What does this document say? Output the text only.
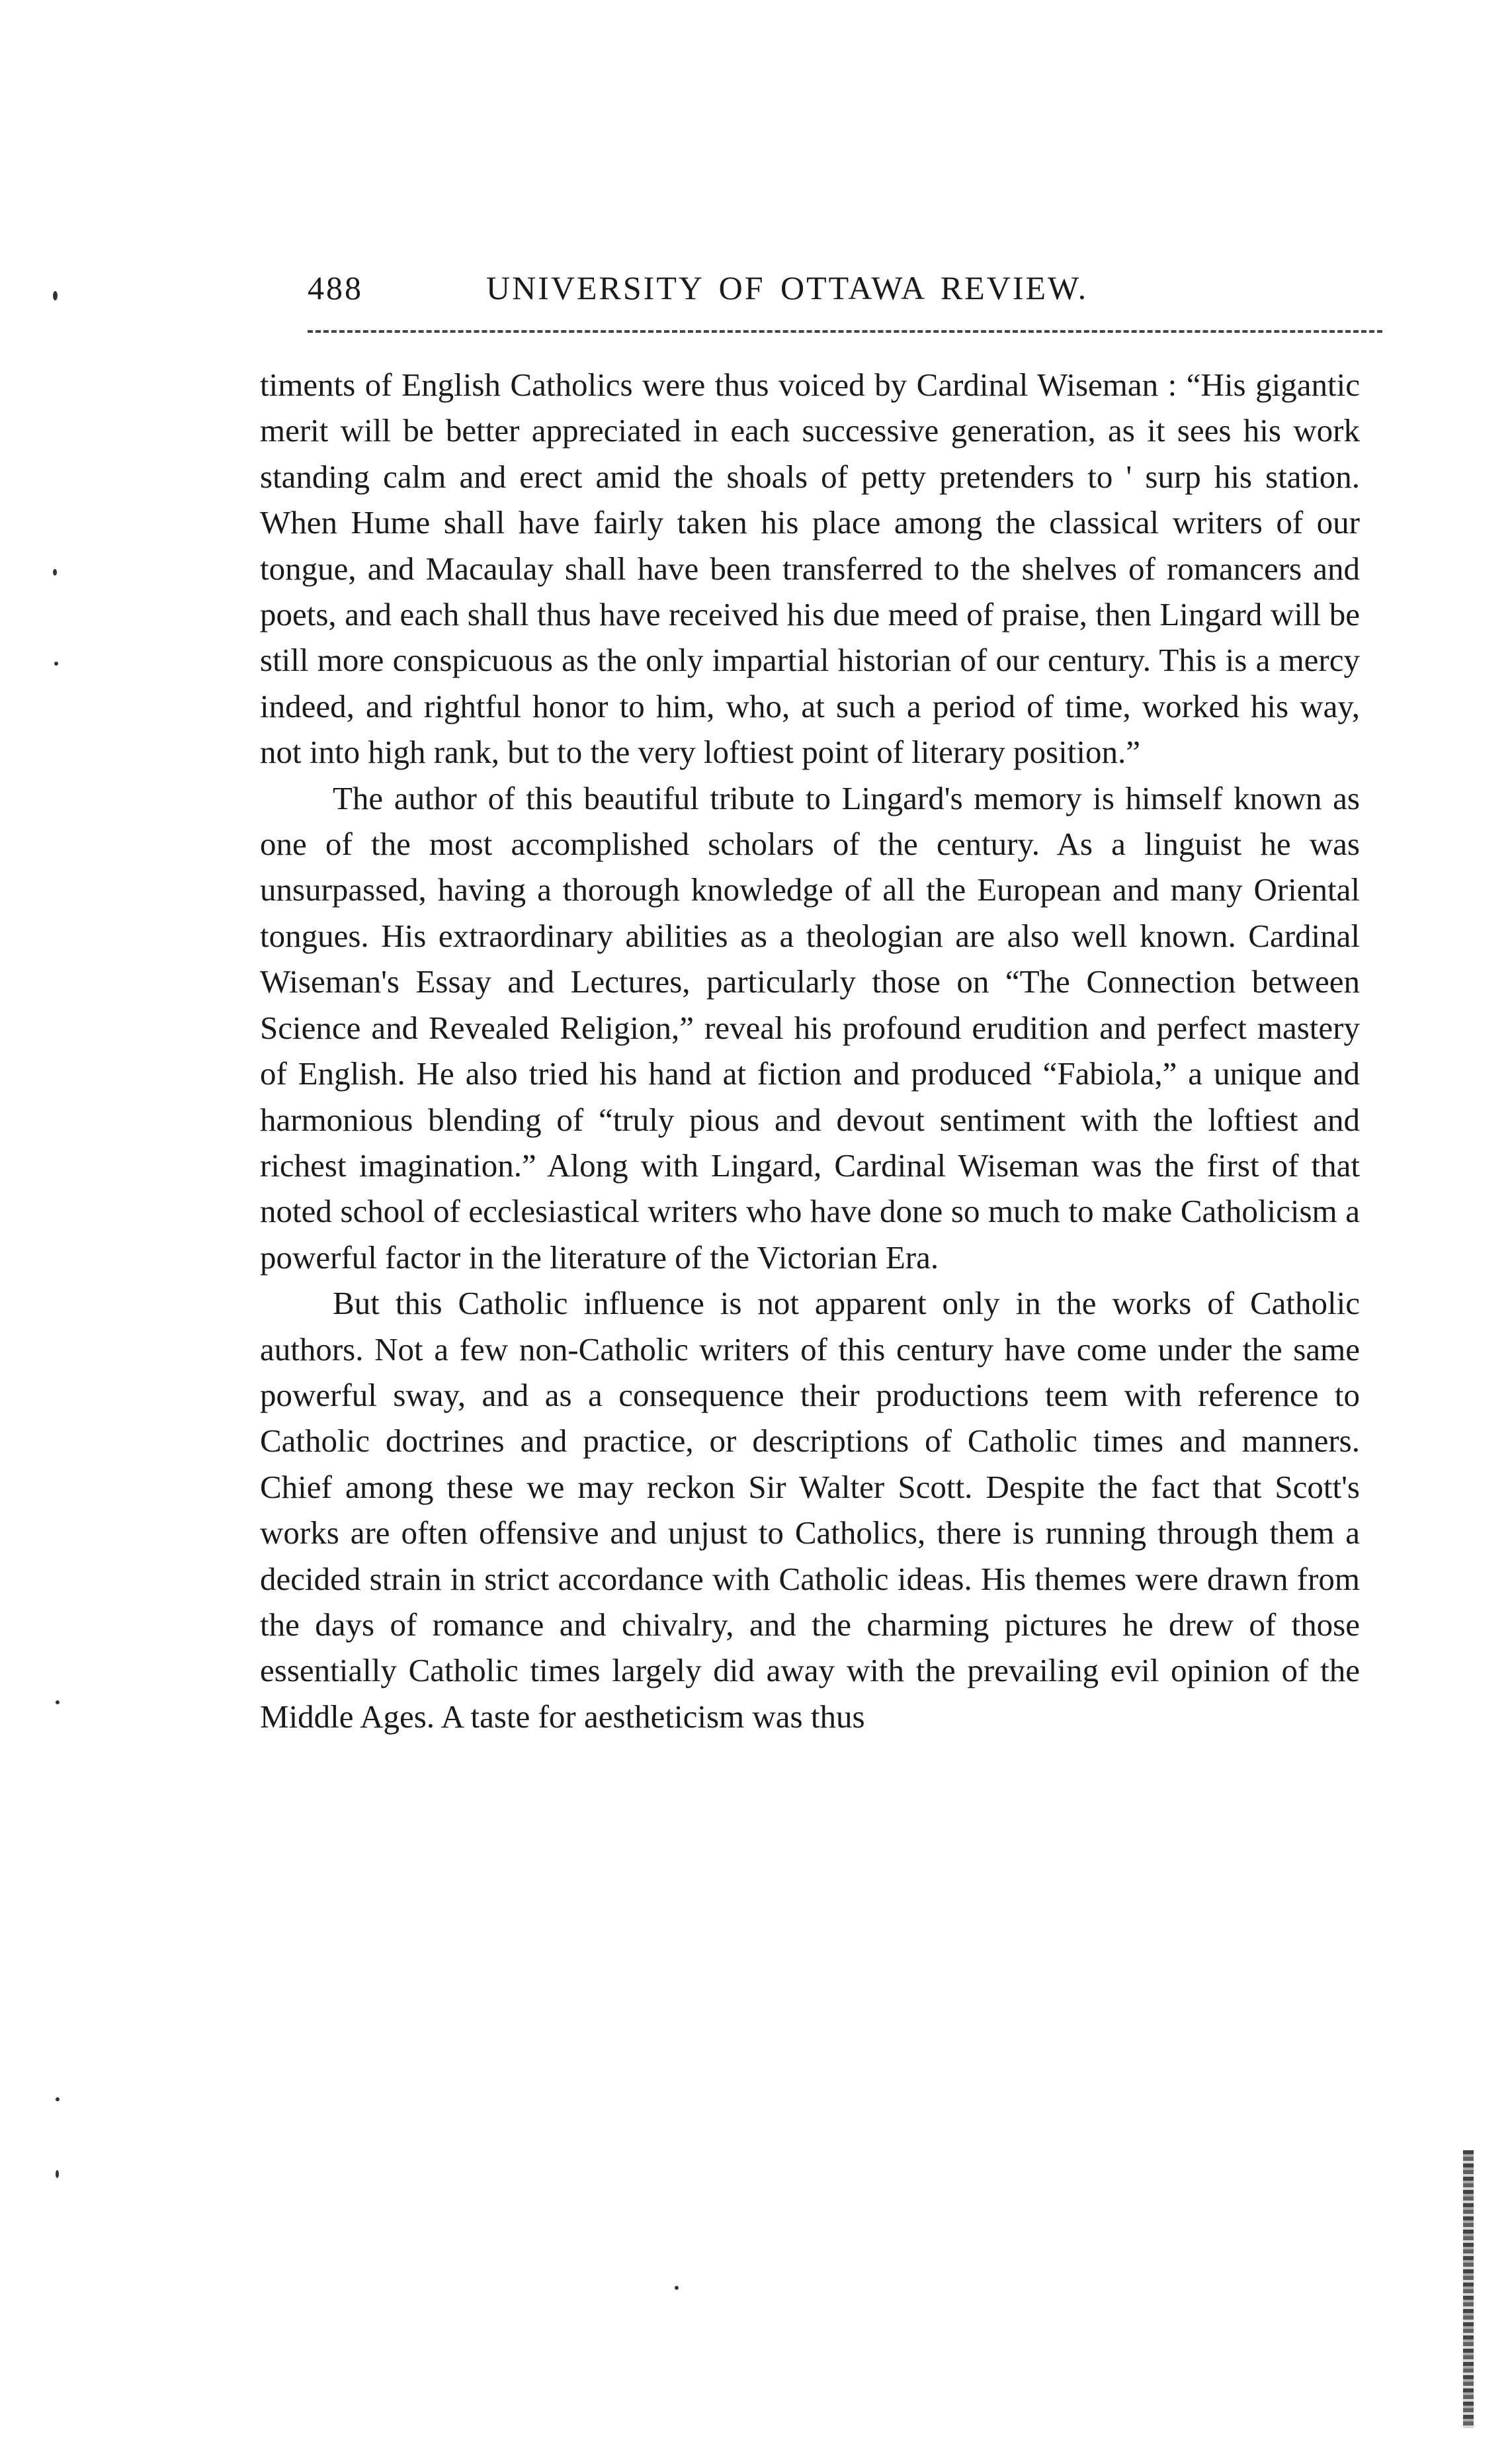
488	UNIVERSITY OF OTTAWA REVIEW.

timents of English Catholics were thus voiced by Cardinal Wiseman : “His gigantic merit will be better appreciated in each successive generation, as it sees his work standing calm and erect amid the shoals of petty pretenders to ' surp his station. When Hume shall have fairly taken his place among the classical writers of our tongue, and Macaulay shall have been transferred to the shelves of romancers and poets, and each shall thus have received his due meed of praise, then Lingard will be still more conspicuous as the only impartial historian of our century. This is a mercy indeed, and rightful honor to him, who, at such a period of time, worked his way, not into high rank, but to the very loftiest point of literary position.”

The author of this beautiful tribute to Lingard's memory is himself known as one of the most accomplished scholars of the century. As a linguist he was unsurpassed, having a thorough knowledge of all the European and many Oriental tongues. His extraordinary abilities as a theologian are also well known. Cardinal Wiseman's Essay and Lectures, particularly those on “The Connection between Science and Revealed Religion,” reveal his profound erudition and perfect mastery of English. He also tried his hand at fiction and produced “Fabiola,” a unique and harmonious blending of “truly pious and devout sentiment with the loftiest and richest imagination.” Along with Lingard, Cardinal Wiseman was the first of that noted school of ecclesiastical writers who have done so much to make Catholicism a powerful factor in the literature of the Victorian Era.

But this Catholic influence is not apparent only in the works of Catholic authors. Not a few non-Catholic writers of this century have come under the same powerful sway, and as a consequence their productions teem with reference to Catholic doctrines and practice, or descriptions of Catholic times and manners. Chief among these we may reckon Sir Walter Scott. Despite the fact that Scott's works are often offensive and unjust to Catholics, there is running through them a decided strain in strict accordance with Catholic ideas. His themes were drawn from the days of romance and chivalry, and the charming pictures he drew of those essentially Catholic times largely did away with the prevailing evil opinion of the Middle Ages. A taste for aestheticism was thus
